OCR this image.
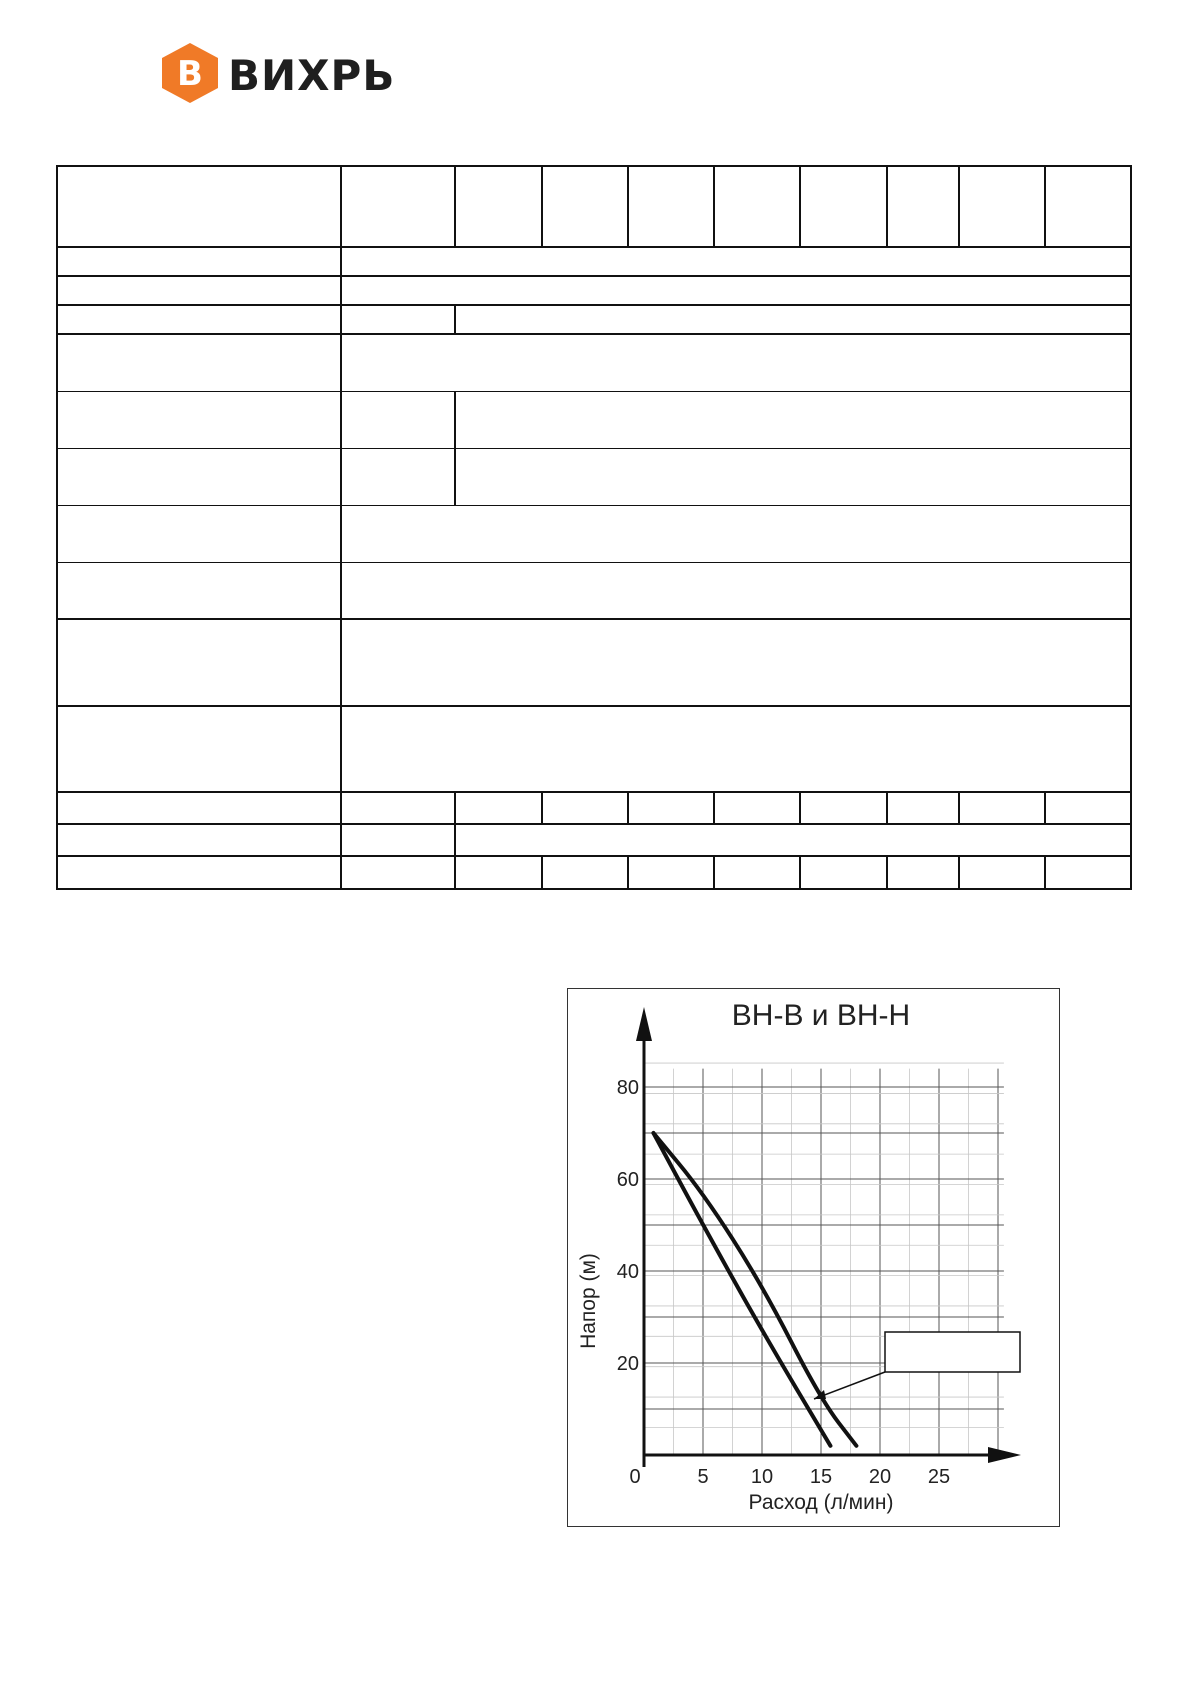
В ВИХРЬ

0	5 10 15 20 25
20
40
60
80
ВН-В и ВН-Н
Расход (л/мин)
Напор (м)
